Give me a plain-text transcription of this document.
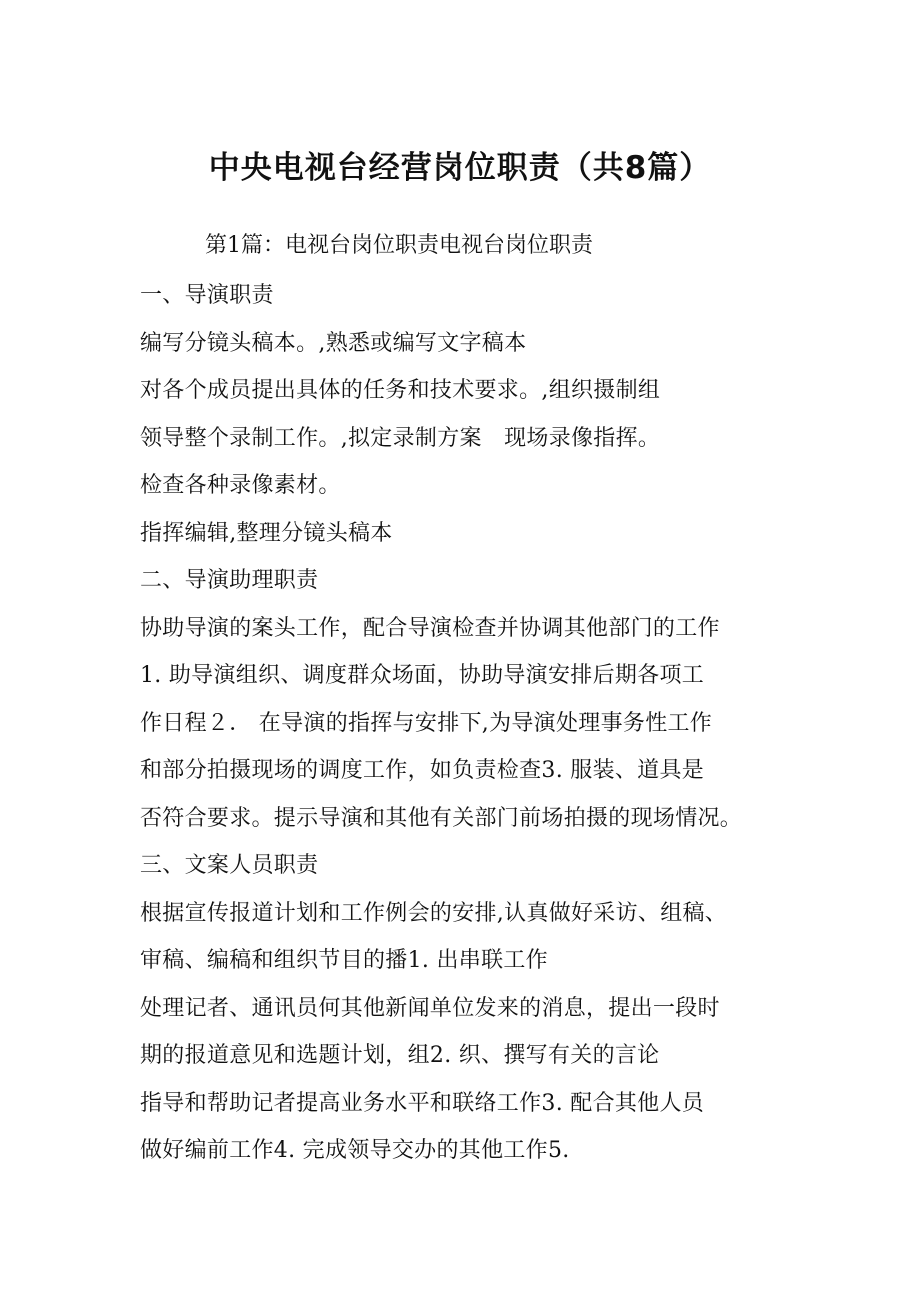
中央电视台经营岗位职责（共8篇）

第1篇：电视台岗位职责电视台岗位职责

一、导演职责
编写分镜头稿本。,熟悉或编写文字稿本
对各个成员提出具体的任务和技术要求。,组织摄制组
领导整个录制工作。,拟定录制方案　现场录像指挥。
检查各种录像素材。
指挥编辑,整理分镜头稿本
二、导演助理职责
协助导演的案头工作，配合导演检查并协调其他部门的工作
1. 助导演组织、调度群众场面，协助导演安排后期各项工
作日程２． 在导演的指挥与安排下,为导演处理事务性工作
和部分拍摄现场的调度工作，如负责检查3. 服装、道具是
否符合要求。提示导演和其他有关部门前场拍摄的现场情况。
三、文案人员职责
根据宣传报道计划和工作例会的安排,认真做好采访、组稿、
审稿、编稿和组织节目的播1. 出串联工作
处理记者、通讯员何其他新闻单位发来的消息，提出一段时
期的报道意见和选题计划，组2. 织、撰写有关的言论
指导和帮助记者提高业务水平和联络工作3. 配合其他人员
做好编前工作4. 完成领导交办的其他工作5.
